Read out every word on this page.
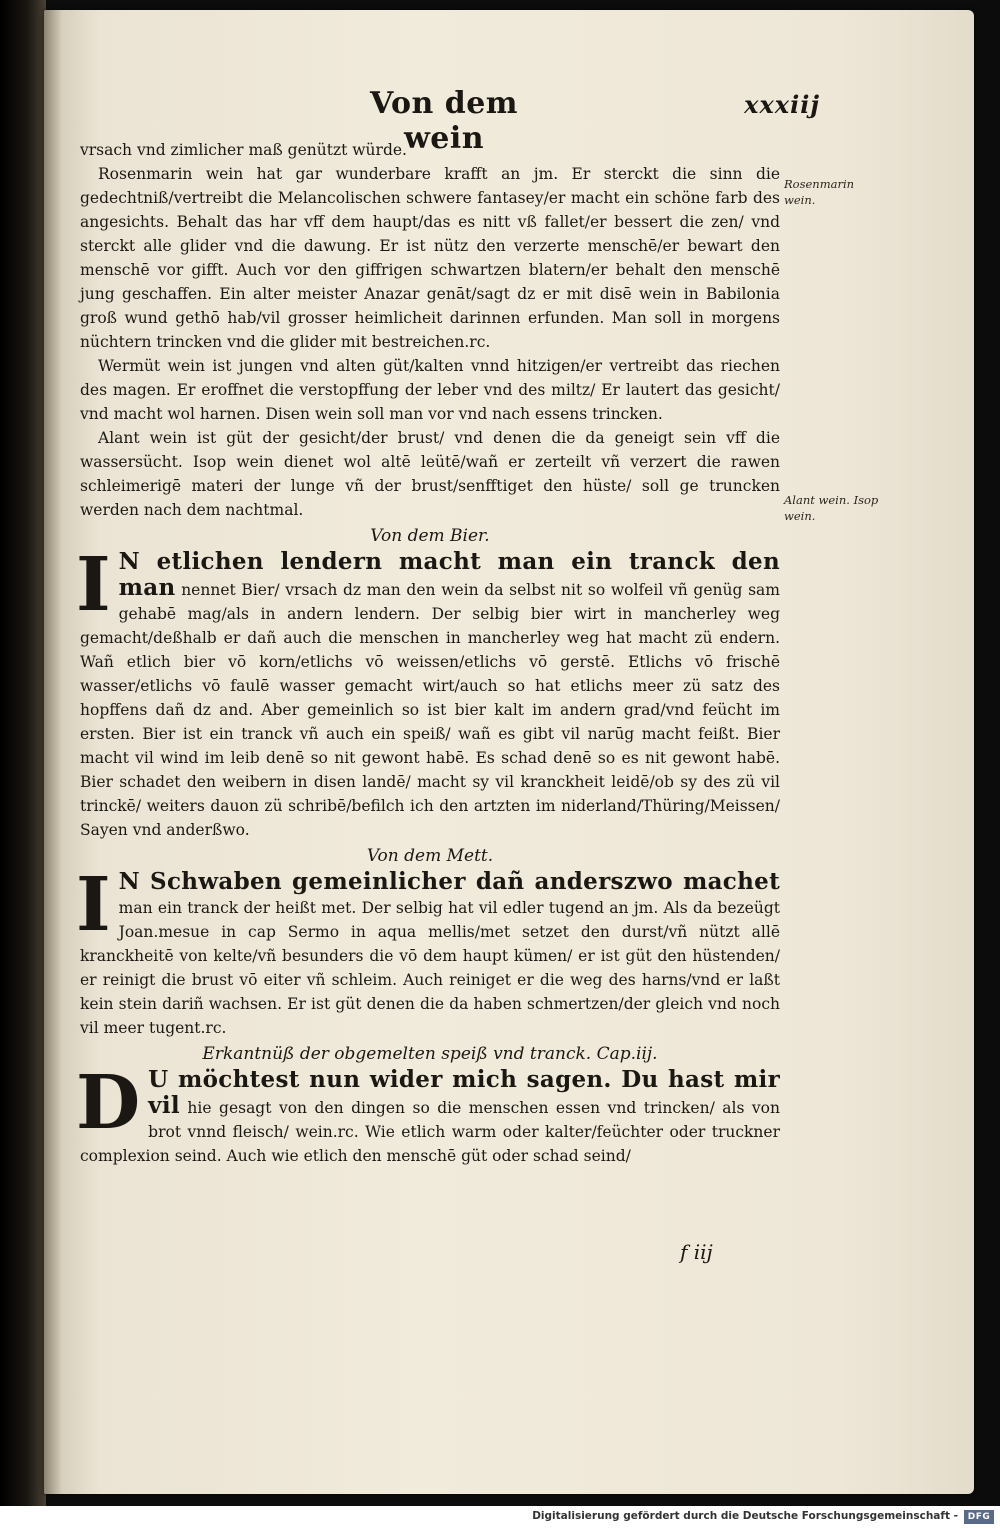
Von dem wein
xxxiij
Rosenmarin wein.
Alant wein. Isop wein.

vrsach vnd zimlicher maß genützt würde.

Rosenmarin wein hat gar wunderbare krafft an jm. Er sterckt die sinn die gedechtniß/vertreibt die Melancolischen schwere fantasey/er macht ein schöne farb des angesichts. Behalt das har vff dem haupt/das es nitt vß fallet/er bessert die zen/ vnd sterckt alle glider vnd die dawung. Er ist nütz den verzerte menschē/er bewart den menschē vor gifft. Auch vor den giffrigen schwartzen blatern/er behalt den menschē jung geschaffen. Ein alter meister Anazar genāt/sagt dz er mit disē wein in Babilonia groß wund gethō hab/vil grosser heimlicheit darinnen erfunden. Man soll in morgens nüchtern trincken vnd die glider mit bestreichen.rc.

Wermüt wein ist jungen vnd alten güt/kalten vnnd hitzigen/er vertreibt das riechen des magen. Er eroffnet die verstopffung der leber vnd des miltz/ Er lautert das gesicht/ vnd macht wol harnen. Disen wein soll man vor vnd nach essens trincken.

Alant wein ist güt der gesicht/der brust/ vnd denen die da geneigt sein vff die wassersücht. Isop wein dienet wol altē leütē/wañ er zerteilt vñ verzert die rawen schleimerigē materi der lunge vñ der brust/senfftiget den hüste/ soll ge truncken werden nach dem nachtmal.

Von dem Bier.

I N etlichen lendern macht man ein tranck den man nennet Bier/ vrsach dz man den wein da selbst nit so wolfeil vñ genüg sam gehabē mag/als in andern lendern. Der selbig bier wirt in mancherley weg gemacht/deßhalb er dañ auch die menschen in mancherley weg hat macht zü endern. Wañ etlich bier vō korn/etlichs vō weissen/etlichs vō gerstē. Etlichs vō frischē wasser/etlichs vō faulē wasser gemacht wirt/auch so hat etlichs meer zü satz des hopffens dañ dz and. Aber gemeinlich so ist bier kalt im andern grad/vnd feücht im ersten. Bier ist ein tranck vñ auch ein speiß/ wañ es gibt vil narūg macht feißt. Bier macht vil wind im leib denē so nit gewont habē. Es schad denē so es nit gewont habē. Bier schadet den weibern in disen landē/ macht sy vil kranckheit leidē/ob sy des zü vil trinckē/ weiters dauon zü schribē/befilch ich den artzten im niderland/Thüring/Meissen/ Sayen vnd anderßwo.

Von dem Mett.

I N Schwaben gemeinlicher dañ anderszwo machet man ein tranck der heißt met. Der selbig hat vil edler tugend an jm. Als da bezeügt Joan.mesue in cap Sermo in aqua mellis/met setzet den durst/vñ nützt allē kranckheitē von kelte/vñ besunders die vō dem haupt kümen/ er ist güt den hüstenden/ er reinigt die brust vō eiter vñ schleim. Auch reiniget er die weg des harns/vnd er laßt kein stein dariñ wachsen. Er ist güt denen die da haben schmertzen/der gleich vnd noch vil meer tugent.rc.

Erkantnüß der obgemelten speiß vnd tranck. Cap.iij.

D U möchtest nun wider mich sagen. Du hast mir vil hie gesagt von den dingen so die menschen essen vnd trincken/ als von brot vnnd fleisch/ wein.rc. Wie etlich warm oder kalter/feüchter oder truckner complexion seind. Auch wie etlich den menschē güt oder schad seind/

f iij
Digitalisierung gefördert durch die Deutsche Forschungsgemeinschaft -	DFG
